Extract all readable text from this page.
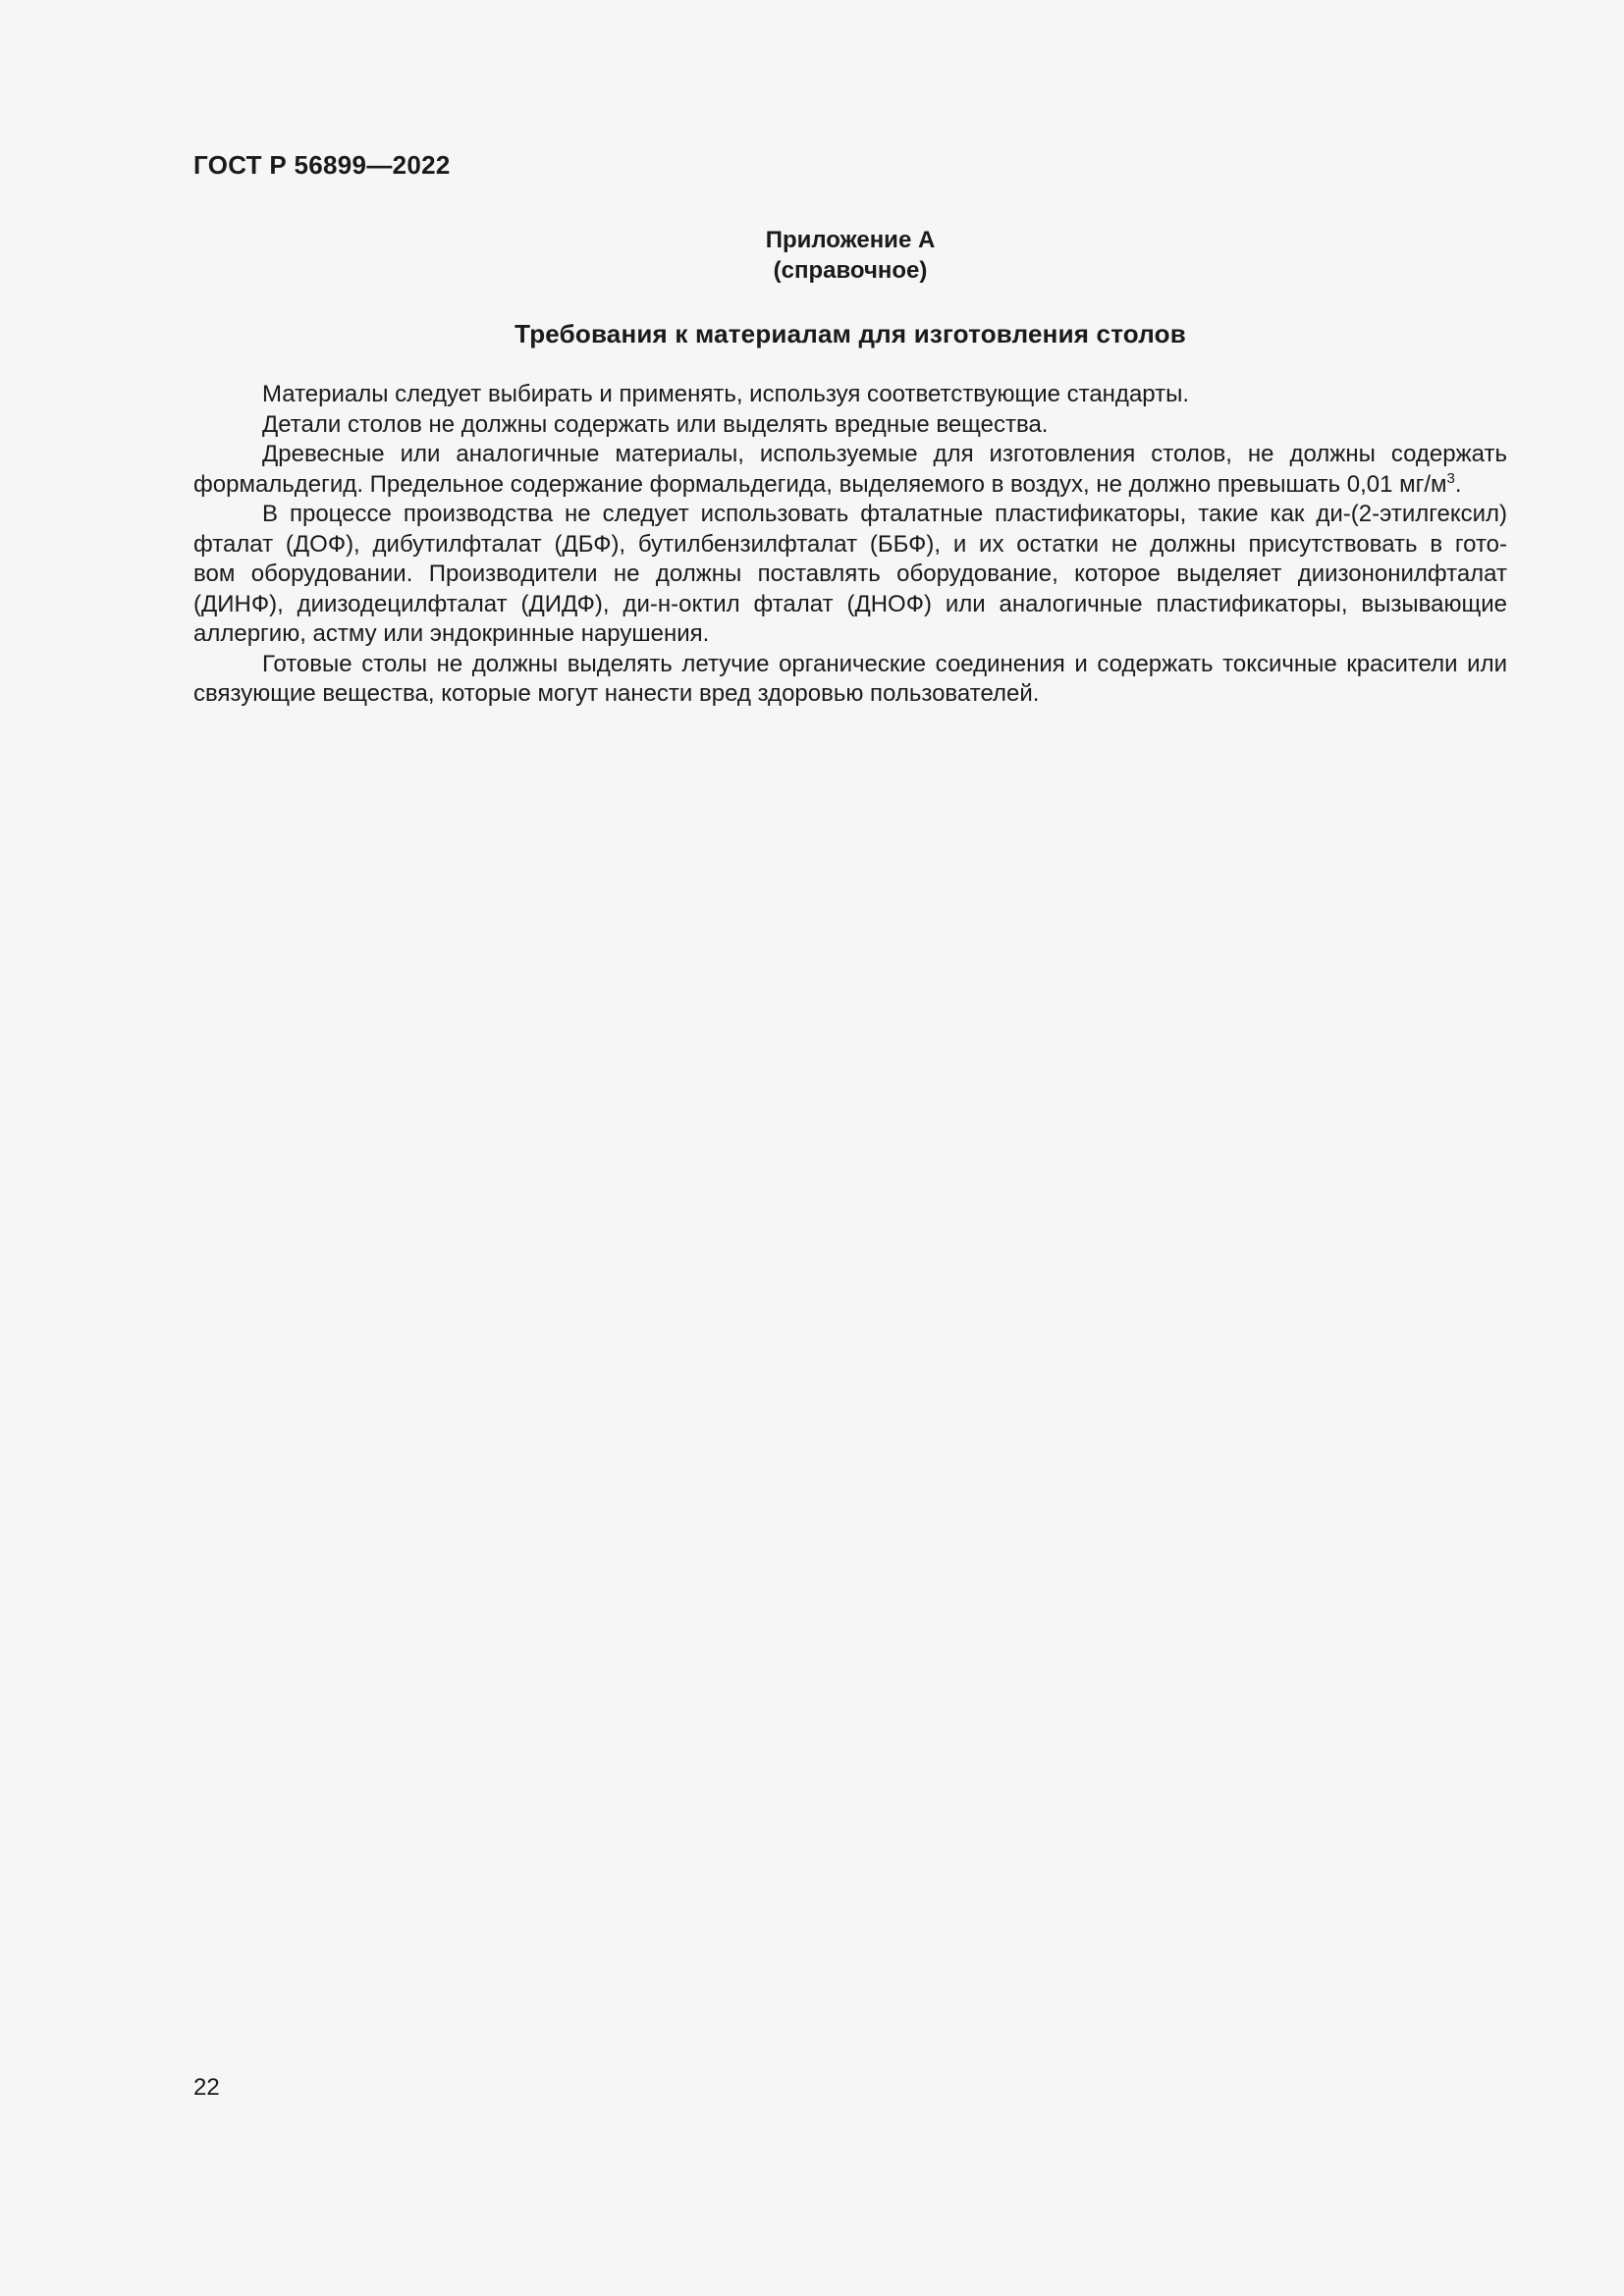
ГОСТ Р 56899—2022
Приложение А
(справочное)
Требования к материалам для изготовления столов
Материалы следует выбирать и применять, используя соответствующие стандарты.
Детали столов не должны содержать или выделять вредные вещества.
Древесные или аналогичные материалы, используемые для изготовления столов, не должны содержать
формальдегид. Предельное содержание формальдегида, выделяемого в воздух, не должно превышать 0,01 $мг/м^3$.
В процессе производства не следует использовать фталатные пластификаторы, такие как ди-(2-этилгексил)
фталат (ДОФ), дибутилфталат (ДБФ), бутилбензилфталат (ББФ), и их остатки не должны присутствовать в гото-
вом оборудовании. Производители не должны поставлять оборудование, которое выделяет диизононилфталат
(ДИНФ), диизодецилфталат (ДИДФ), ди-н-октил фталат (ДНОФ) или аналогичные пластификаторы, вызывающие
аллергию, астму или эндокринные нарушения.
Готовые столы не должны выделять летучие органические соединения и содержать токсичные красители или
связующие вещества, которые могут нанести вред здоровью пользователей.
22
